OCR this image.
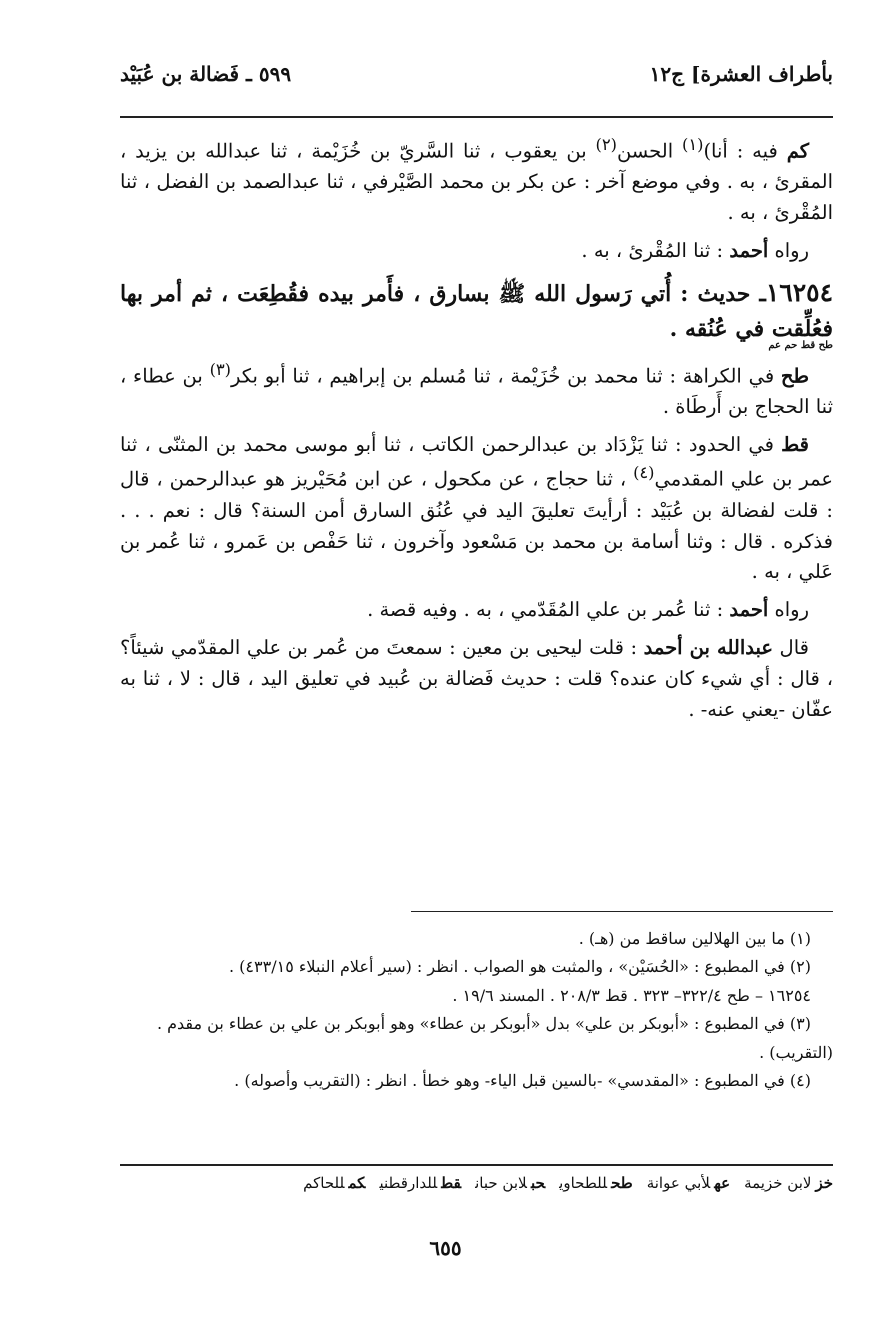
بأطراف العشرة] ج١٢
٥٩٩ ـ فَضالة بن عُبَيْد

كم فيه : أنا)$^{(١)}$ الحسن$^{(٢)}$ بن يعقوب ، ثنا السَّريّ بن خُزَيْمة ، ثنا عبدالله بن يزيد ، المقرئ ، به . وفي موضع آخر : عن بكر بن محمد الصَّيْرفي ، ثنا عبدالصمد بن الفضل ، ثنا المُقْرئ ، به .

رواه أحمد : ثنا المُقْرئ ، به .

١٦٢٥٤ـ حديث : أُتي رَسول الله ﷺ بسارق ، فأَمر بيده فقُطِعَت ، ثم أمر بها فعُلِّقت في عُنُقه .
طح قط حم عم

طح في الكراهة : ثنا محمد بن خُزَيْمة ، ثنا مُسلم بن إبراهيم ، ثنا أبو بكر$^{(٣)}$ بن عطاء ، ثنا الحجاج بن أَرطَاة .

قط في الحدود : ثنا يَزْدَاد بن عبدالرحمن الكاتب ، ثنا أبو موسى محمد بن المثنّى ، ثنا عمر بن علي المقدمي$^{(٤)}$ ، ثنا حجاج ، عن مكحول ، عن ابن مُحَيْريز هو عبدالرحمن ، قال : قلت لفضالة بن عُبَيْد : أرأيتَ تعليقَ اليد في عُنُق السارق أمن السنة؟ قال : نعم . . . فذكره . قال : وثنا أسامة بن محمد بن مَسْعود وآخرون ، ثنا حَفْص بن عَمرو ، ثنا عُمر بن عَلي ، به .

رواه أحمد : ثنا عُمر بن علي المُقَدّمي ، به . وفيه قصة .

قال عبدالله بن أحمد : قلت ليحيى بن معين : سمعتَ من عُمر بن علي المقدّمي شيئاً؟ ، قال : أي شيء كان عنده؟ قلت : حديث فَضالة بن عُبيد في تعليق اليد ، قال : لا ، ثنا به عفّان -يعني عنه- .

(١) ما بين الهلالين ساقط من (هـ) .

(٢) في المطبوع : «الحُسَيْن» ، والمثبت هو الصواب . انظر : (سير أعلام النبلاء ٤٣٣/١٥) .

١٦٢٥٤ – طح ٣٢٢/٤– ٣٢٣ . قط ٢٠٨/٣ . المسند ١٩/٦ .

(٣) في المطبوع : «أبوبكر بن علي» بدل «أبوبكر بن عطاء» وهو أبوبكر بن علي بن عطاء بن مقدم . (التقريب) .

(٤) في المطبوع : «المقدسي» -بالسين قبل الياء- وهو خطأ . انظر : (التقريب وأصوله) .

خزلابن خزيمةعهلأبي عوانةطحللطحاويحبلابن حبانقطللدارقطنيكمللحاكم
٦٥٥
